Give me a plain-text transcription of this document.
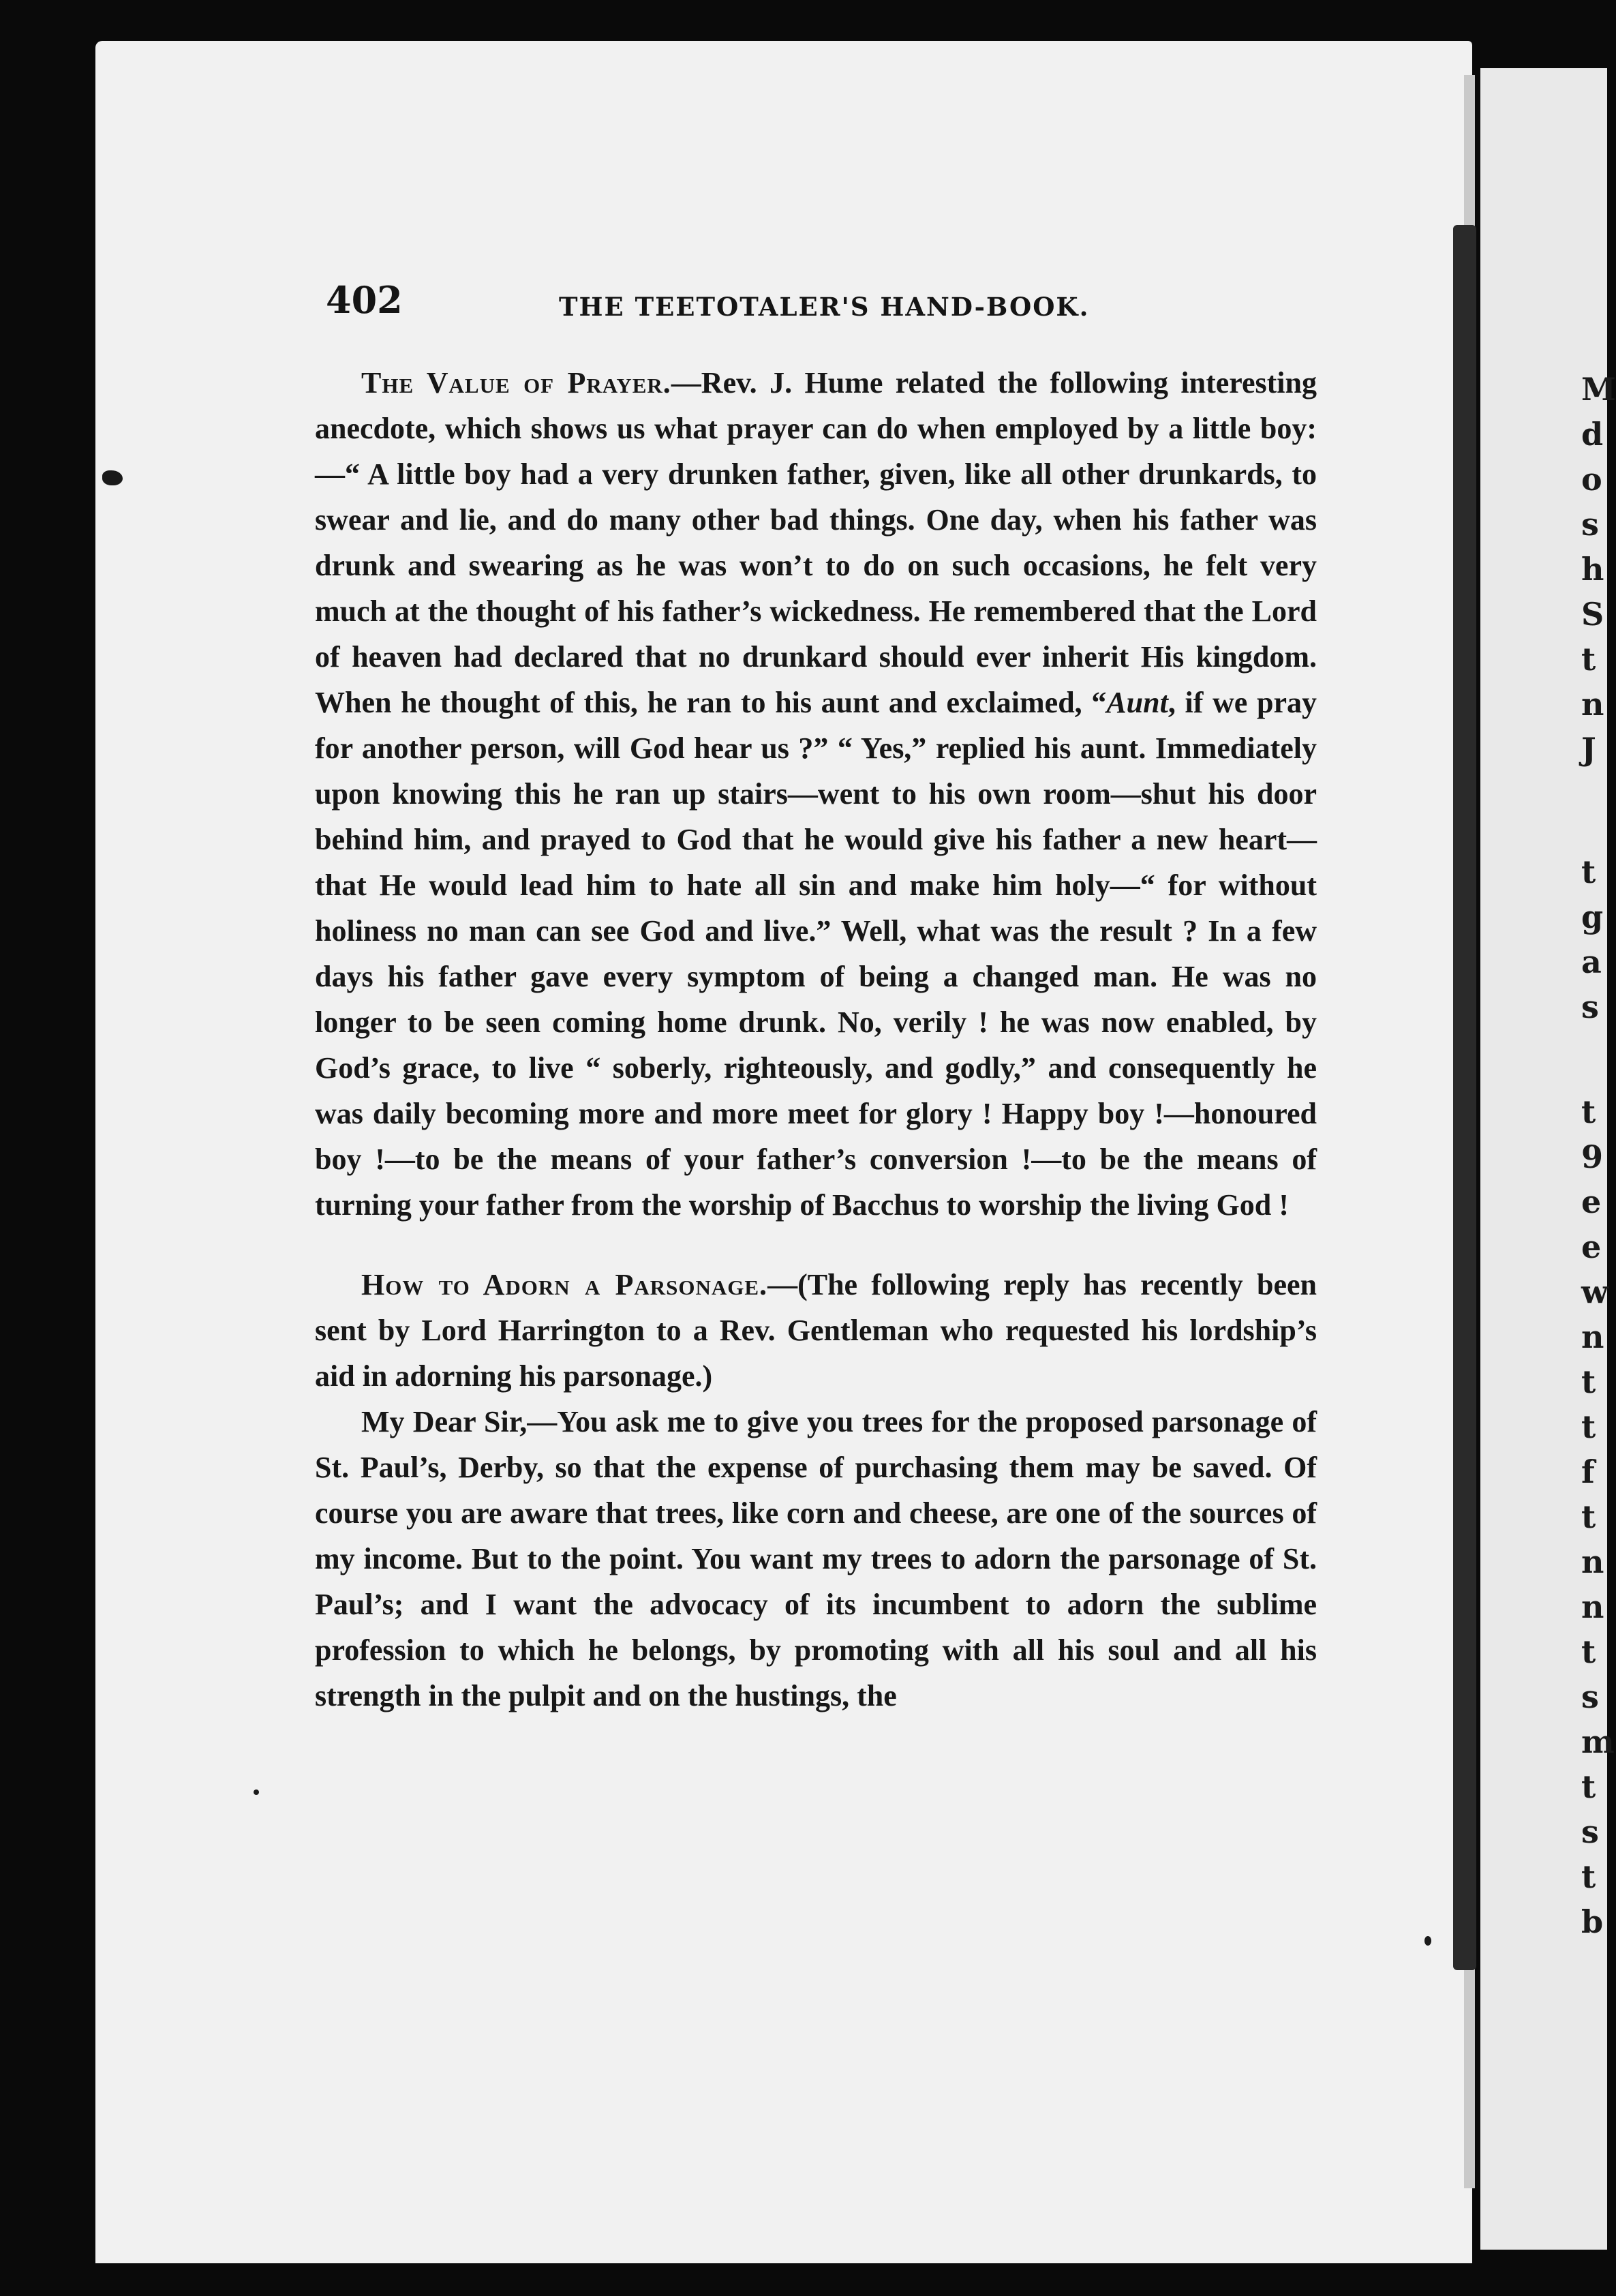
M
d
o
s
h
S
t
n
J
t
g
a
s
t
9
e
e
w
n
t
t
f
t
n
n
t
s
m
t
s
t
b
402	THE TEETOTALER'S HAND-BOOK.

The Value of Prayer.—Rev. J. Hume related the following interesting anecdote, which shows us what prayer can do when employed by a little boy:—“ A little boy had a very drunken father, given, like all other drunkards, to swear and lie, and do many other bad things. One day, when his father was drunk and swearing as he was won’t to do on such occasions, he felt very much at the thought of his father’s wickedness. He remembered that the Lord of heaven had declared that no drunkard should ever inherit His kingdom. When he thought of this, he ran to his aunt and exclaimed, “Aunt, if we pray for another person, will God hear us ?” “ Yes,” replied his aunt. Immediately upon knowing this he ran up stairs—went to his own room—shut his door behind him, and prayed to God that he would give his father a new heart—that He would lead him to hate all sin and make him holy—“ for without holiness no man can see God and live.” Well, what was the result ? In a few days his father gave every symptom of being a changed man. He was no longer to be seen coming home drunk. No, verily ! he was now enabled, by God’s grace, to live “ soberly, righteously, and godly,” and consequently he was daily becoming more and more meet for glory ! Happy boy !—honoured boy !—to be the means of your father’s conversion !—to be the means of turning your father from the worship of Bacchus to worship the living God !

How to Adorn a Parsonage.—(The following reply has recently been sent by Lord Harrington to a Rev. Gentleman who requested his lordship’s aid in adorning his parsonage.)

My Dear Sir,—You ask me to give you trees for the proposed parsonage of St. Paul’s, Derby, so that the expense of purchasing them may be saved. Of course you are aware that trees, like corn and cheese, are one of the sources of my income. But to the point. You want my trees to adorn the parsonage of St. Paul’s; and I want the advocacy of its incumbent to adorn the sublime profession to which he belongs, by promoting with all his soul and all his strength in the pulpit and on the hustings, the
